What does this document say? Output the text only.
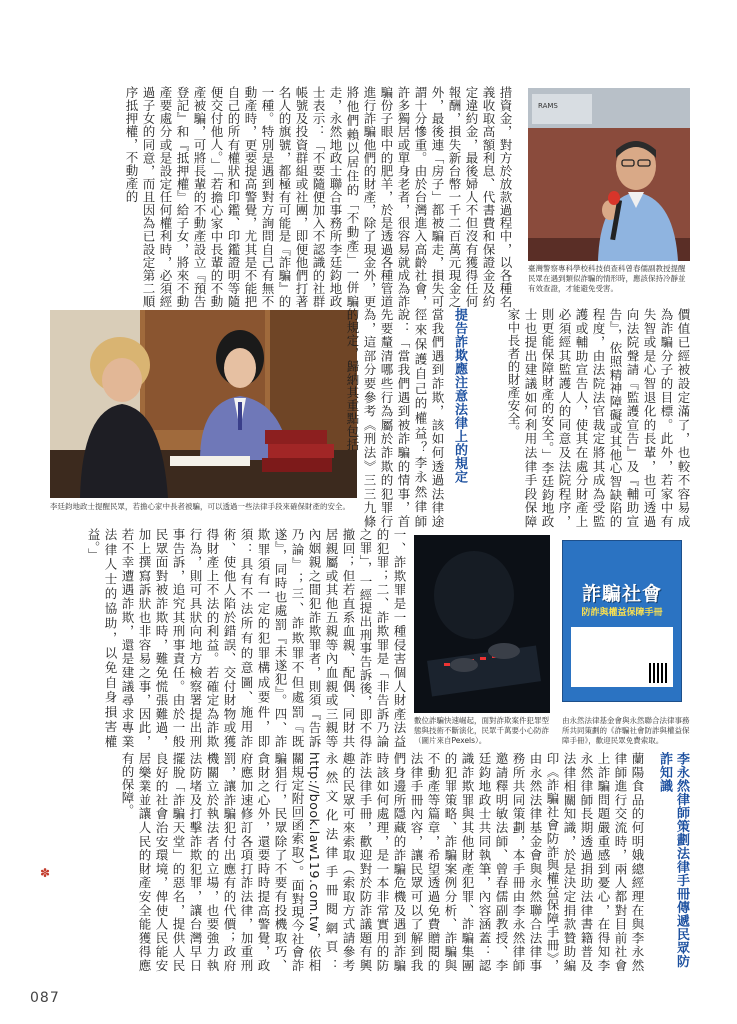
RAMS
臺灣警察專科學校科技偵查科曾春儒副教授提醒民眾在遇到類似詐騙的情形時，應該保持冷靜並有效查證，才能避免受害。
措資金，對方於放款過程中，以各種名義收取高額利息、代書費和保證金及約定違約金，最後婦人不但沒有獲得任何報酬，損失新台幣一千二百萬元現金之外，最後連「房子」都被騙走，損失可謂十分慘重。由於台灣進入高齡社會，許多獨居或單身老者，很容易就成為詐騙份子眼中的肥羊，於是透過各種管道進行詐騙他們的財產，除了現金外，更將他們賴以居住的「不動產」一併騙走，永然地政士聯合事務所李廷鈞地政士表示：「不要隨便加入不認識的社群帳號及投資群組或社團，即便他們打著名人的旗號，都極有可能是『詐騙』的一種。特別是遇到對方詢問自己有無不動產時，更要提高警覺，尤其是不能把自己的所有權狀和印鑑、印鑑證明等隨便交付他人。」「若擔心家中長輩的不動產被騙，可將長輩的不動產設立『預告登記』和『抵押權』給子女，將來不動產要處分或是設定任何權利時，必須經過子女的同意，而且因為已設定第二順序抵押權，不動產的
李廷鈞地政士提醒民眾，若擔心家中長者被騙，可以透過一些法律手段來確保財產的安全。	價值已經被設定滿了，也較不容易成為詐騙分子的目標。此外，若家中有失智或是心智退化的長輩，也可透過向法院聲請『監護宣告』及『輔助宣告』，依照精神障礙或其他心智缺陷的程度，由法院法官裁定將其成為受監護或輔助宣告人，使其在處分財產上必須經其監護人的同意及法院程序，則更能保障財產的安全。」李廷鈞地政士也提出建議如何利用法律手段保障家中長者的財產安全。
提告詐欺應注意法律上的規定
當我們遇到詐欺，該如何透過法律途徑來保護自己的權益？李永然律師說：「當我們遇到被詐騙的情事，首先要釐清哪些行為屬於詐欺的犯罪行為，這部分要參考《刑法》三三九條的規定，歸納其重點包括
數位詐騙快速崛起，面對詐欺案件犯罪型態與技術不斷演化，民眾千萬要小心防詐（圖片來自Pexels）。
詐騙社會
防詐與權益保障手冊
由永然法律基金會與永然聯合法律事務所共同策劃的《詐騙社會防詐與權益保障手冊》，歡迎民眾免費索取。
一、詐欺罪是一種侵害個人財產法益的犯罪；二、詐欺罪是「非告訴乃論之罪」，一經提出刑事告訴後，即不得撤回；但若直系血親、配偶、同財共居親屬或其他五親等內血親或三親等內姻親之間犯詐欺罪者，則須『告訴乃論』；三、詐欺罪不但處罰『既遂』，同時也處罰『未遂犯』。四、詐欺罪須有一定的犯罪構成要件，即須：具有不法所有的意圖、施用詐術、使他人陷於錯誤、交付財物或獲得財產上不法的利益。若確定為詐欺行為，則可具狀向地方檢察署提出刑事告訴，追究其刑事責任。由於一般民眾面對被詐欺時，難免慌張難過，加上撰寫訴狀也非容易之事，因此，若不幸遭遇詐欺，還是建議尋求專業法律人士的協助，以免自身損害權益。」
李永然律師策劃法律手冊傳遞民眾防詐知識
蘭陽食品的何明娥總經理在與李永然律師進行交流時，兩人都對目前社會上詐騙問題嚴重感到憂心，在得知李永然律師長期透過捐助法律書籍普及法律相關知識，於是決定捐款贊助編印《詐騙社會防詐與權益保障手冊》，由永然法律基金會與永然聯合法律事務所共同策劃，本手冊由李永然律師邀請釋明敏法師、曾春儒副教授、李廷鈞地政士共同執筆，內容涵蓋：認識詐欺罪與其他財產犯罪、詐騙集團的犯罪策略、詐騙案例分析、詐騙與不動產等篇章，希望透過免費贈閱的法律手冊內容，讓民眾可以了解到我們身邊所隱藏的詐騙危機及遇到詐騙時該如何處理，是一本非常實用的防詐法律手冊，歡迎對於防詐議題有興趣的民眾可來索取（索取方式請參考永然文化法律手冊閱網頁：http://book.law119.com.tw，依相關規定附回函索取）。面對現今社會詐騙猖行，民眾除了不要有投機取巧、貪財之心外，還要時時提高警覺，政府應加速修訂各項打詐法律，加重刑罰，讓詐騙犯付出應有的代價；政府機關立於執法者的立場，也要強力執法防堵及打擊詐欺犯罪，讓台灣早日擺脫「詐騙天堂」的惡名，提供人民良好的社會治安環境，俾使人民能安居樂業並讓人民的財產安全能獲得應有的保障。
✽
087
